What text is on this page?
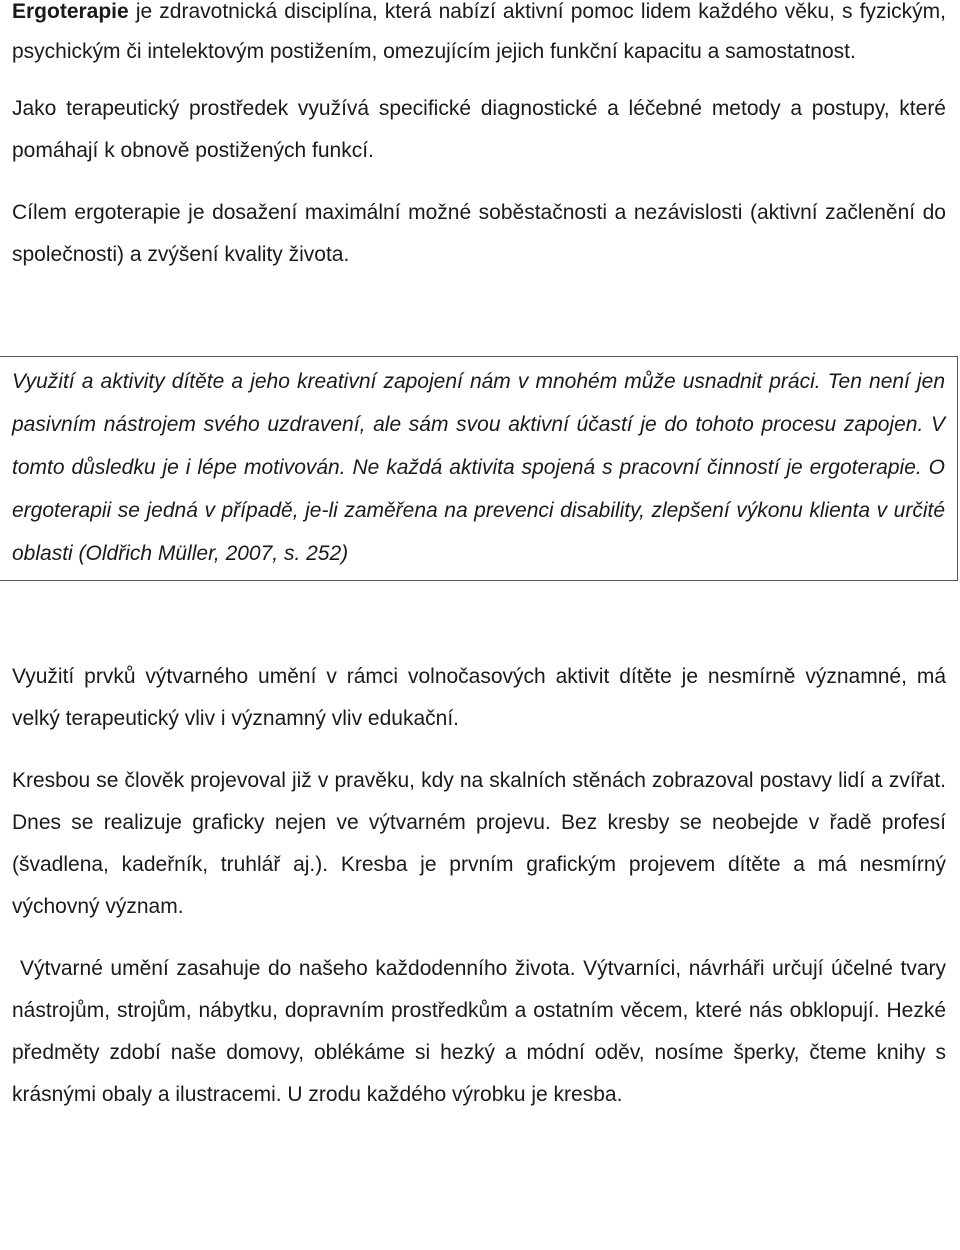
Ergoterapie je zdravotnická disciplína, která nabízí aktivní pomoc lidem každého věku, s fyzickým, psychickým či intelektovým postižením, omezujícím jejich funkční kapacitu a samostatnost.

Jako terapeutický prostředek využívá specifické diagnostické a léčebné metody a postupy, které pomáhají k obnově postižených funkcí.

Cílem ergoterapie je dosažení maximální možné soběstačnosti a nezávislosti (aktivní začlenění do společnosti) a zvýšení kvality života.

Využití a aktivity dítěte a jeho kreativní zapojení nám v mnohém může usnadnit práci. Ten není jen pasivním nástrojem svého uzdravení, ale sám svou aktivní účastí je do tohoto procesu zapojen. V tomto důsledku je i lépe motivován. Ne každá aktivita spojená s pracovní činností je ergoterapie. O ergoterapii se jedná v případě, je-li zaměřena na prevenci disability, zlepšení výkonu klienta v určité oblasti (Oldřich Müller, 2007, s. 252)

Využití prvků výtvarného umění v rámci volnočasových aktivit dítěte je nesmírně významné, má velký terapeutický vliv i významný vliv edukační.

Kresbou se člověk projevoval již v pravěku, kdy na skalních stěnách zobrazoval postavy lidí a zvířat. Dnes se realizuje graficky nejen ve výtvarném projevu. Bez kresby se neobejde v řadě profesí (švadlena, kadeřník, truhlář aj.). Kresba je prvním grafickým projevem dítěte a má nesmírný výchovný význam.

Výtvarné umění zasahuje do našeho každodenního života. Výtvarníci, návrháři určují účelné tvary nástrojům, strojům, nábytku, dopravním prostředkům a ostatním věcem, které nás obklopují. Hezké předměty zdobí naše domovy, oblékáme si hezký a módní oděv, nosíme šperky, čteme knihy s krásnými obaly a ilustracemi. U zrodu každého výrobku je kresba.
